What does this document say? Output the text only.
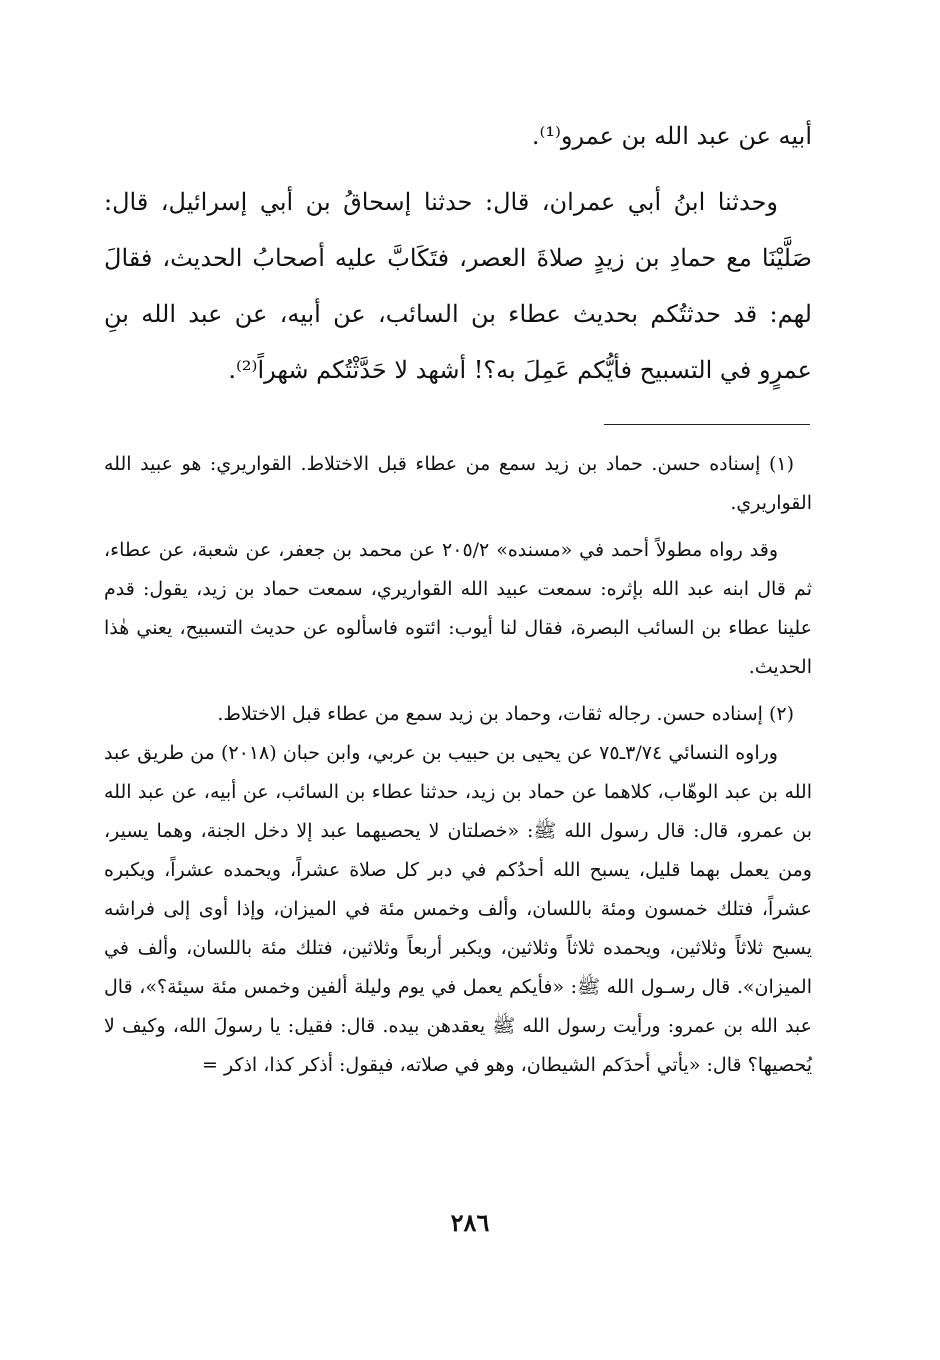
أبيه عن عبد الله بن عمرو⁽¹⁾.

وحدثنا ابنُ أبي عمران، قال: حدثنا إسحاقُ بن أبي إسرائيل، قال: صَلَّيْنَا مع حمادِ بن زيدٍ صلاةَ العصر، فتَكَابَّ عليه أصحابُ الحديث، فقالَ لهم: قد حدثتُكم بحديث عطاء بن السائب، عن أبيه، عن عبد الله بنِ عمرٍو في التسبيح فأيُّكم عَمِلَ به؟! أشهد لا حَدَّثْتُكم شهراً⁽²⁾.

(١) إسناده حسن. حماد بن زيد سمع من عطاء قبل الاختلاط. القواريري: هو عبيد الله القواريري.

وقد رواه مطولاً أحمد في «مسنده» ٢٠٥/٢ عن محمد بن جعفر، عن شعبة، عن عطاء، ثم قال ابنه عبد الله بإثره: سمعت عبيد الله القواريري، سمعت حماد بن زيد، يقول: قدم علينا عطاء بن السائب البصرة، فقال لنا أيوب: ائتوه فاسألوه عن حديث التسبيح، يعني هٰذا الحديث.

(٢) إسناده حسن. رجاله ثقات، وحماد بن زيد سمع من عطاء قبل الاختلاط.

وراوه النسائي ٣/٧٤ـ٧٥ عن يحيى بن حبيب بن عربي، وابن حبان (٢٠١٨) من طريق عبد الله بن عبد الوهّاب، كلاهما عن حماد بن زيد، حدثنا عطاء بن السائب، عن أبيه، عن عبد الله بن عمرو، قال: قال رسول الله ﷺ: «خصلتان لا يحصيهما عبد إلا دخل الجنة، وهما يسير، ومن يعمل بهما قليل، يسبح الله أحدُكم في دبر كل صلاة عشراً، ويحمده عشراً، ويكبره عشراً، فتلك خمسون ومئة باللسان، وألف وخمس مئة في الميزان، وإذا أوى إلى فراشه يسبح ثلاثاً وثلاثين، ويحمده ثلاثاً وثلاثين، ويكبر أربعاً وثلاثين، فتلك مئة باللسان، وألف في الميزان». قال رسـول الله ﷺ: «فأيكم يعمل في يوم وليلة ألفين وخمس مئة سيئة؟»، قال عبد الله بن عمرو: ورأيت رسول الله ﷺ يعقدهن بيده. قال: فقيل: يا رسولَ الله، وكيف لا يُحصيها؟ قال: «يأتي أحدَكم الشيطان، وهو في صلاته، فيقول: أذكر كذا، اذكر =

٢٨٦
